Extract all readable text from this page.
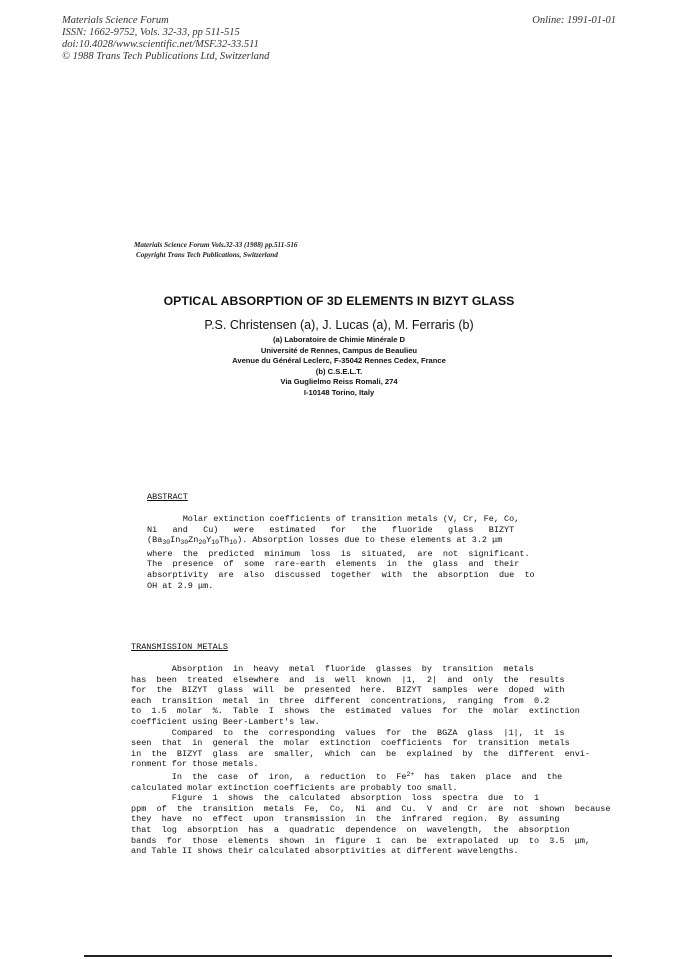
Materials Science Forum
ISSN: 1662-9752, Vols. 32-33, pp 511-515
doi:10.4028/www.scientific.net/MSF.32-33.511
© 1988 Trans Tech Publications Ltd, Switzerland
Online: 1991-01-01
Materials Science Forum Vols.32-33 (1988) pp.511-516
Copyright Trans Tech Publications, Switzerland
OPTICAL ABSORPTION OF 3D ELEMENTS IN BIZYT GLASS
P.S. Christensen (a), J. Lucas (a), M. Ferraris (b)
(a) Laboratoire de Chimie Minérale D
Université de Rennes, Campus de Beaulieu
Avenue du Général Leclerc, F-35042 Rennes Cedex, France
(b) C.S.E.L.T.
Via Guglielmo Reiss Romali, 274
I-10148 Torino, Italy
ABSTRACT
Molar extinction coefficients of transition metals (V, Cr, Fe, Co,
Ni   and   Cu)   were   estimated   for   the   fluoride   glass   BIZYT
$(Ba_{30}In_{30}Zn_{20}Y_{10}Th_{10})$. Absorption losses due to these elements at 3.2 μm
where  the  predicted  minimum  loss  is  situated,  are  not  significant.
The  presence  of  some  rare-earth  elements  in  the  glass  and  their
absorptivity  are  also  discussed  together  with  the  absorption  due  to
OH at 2.9 μm.
TRANSMISSION METALS
Absorption  in  heavy  metal  fluoride  glasses  by  transition  metals
has  been  treated  elsewhere  and  is  well  known  |1,  2|  and  only  the  results
for  the  BIZYT  glass  will  be  presented  here.  BIZYT  samples  were  doped  with
each  transition  metal  in  three  different  concentrations,  ranging  from  0.2
to  1.5  molar  %.  Table  I  shows  the  estimated  values  for  the  molar  extinction
coefficient using Beer-Lambert's law.
Compared  to  the  corresponding  values  for  the  BGZA  glass  |1|,  it  is
seen  that  in  general  the  molar  extinction  coefficients  for  transition  metals
in  the  BIZYT  glass  are  smaller,  which  can  be  explained  by  the  different  envi-
ronment for those metals.
In  the  case  of  iron,  a  reduction  to  $Fe^{2+}$  has  taken  place  and  the
calculated molar extinction coefficients are probably too small.
Figure  1  shows  the  calculated  absorption  loss  spectra  due  to  1
ppm  of  the  transition  metals  Fe,  Co,  Ni  and  Cu.  V  and  Cr  are  not  shown  because
they  have  no  effect  upon  transmission  in  the  infrared  region.  By  assuming
that  log  absorption  has  a  quadratic  dependence  on  wavelength,  the  absorption
bands  for  those  elements  shown  in  figure  1  can  be  extrapolated  up  to  3.5  μm,
and Table II shows their calculated absorptivities at different wavelengths.
